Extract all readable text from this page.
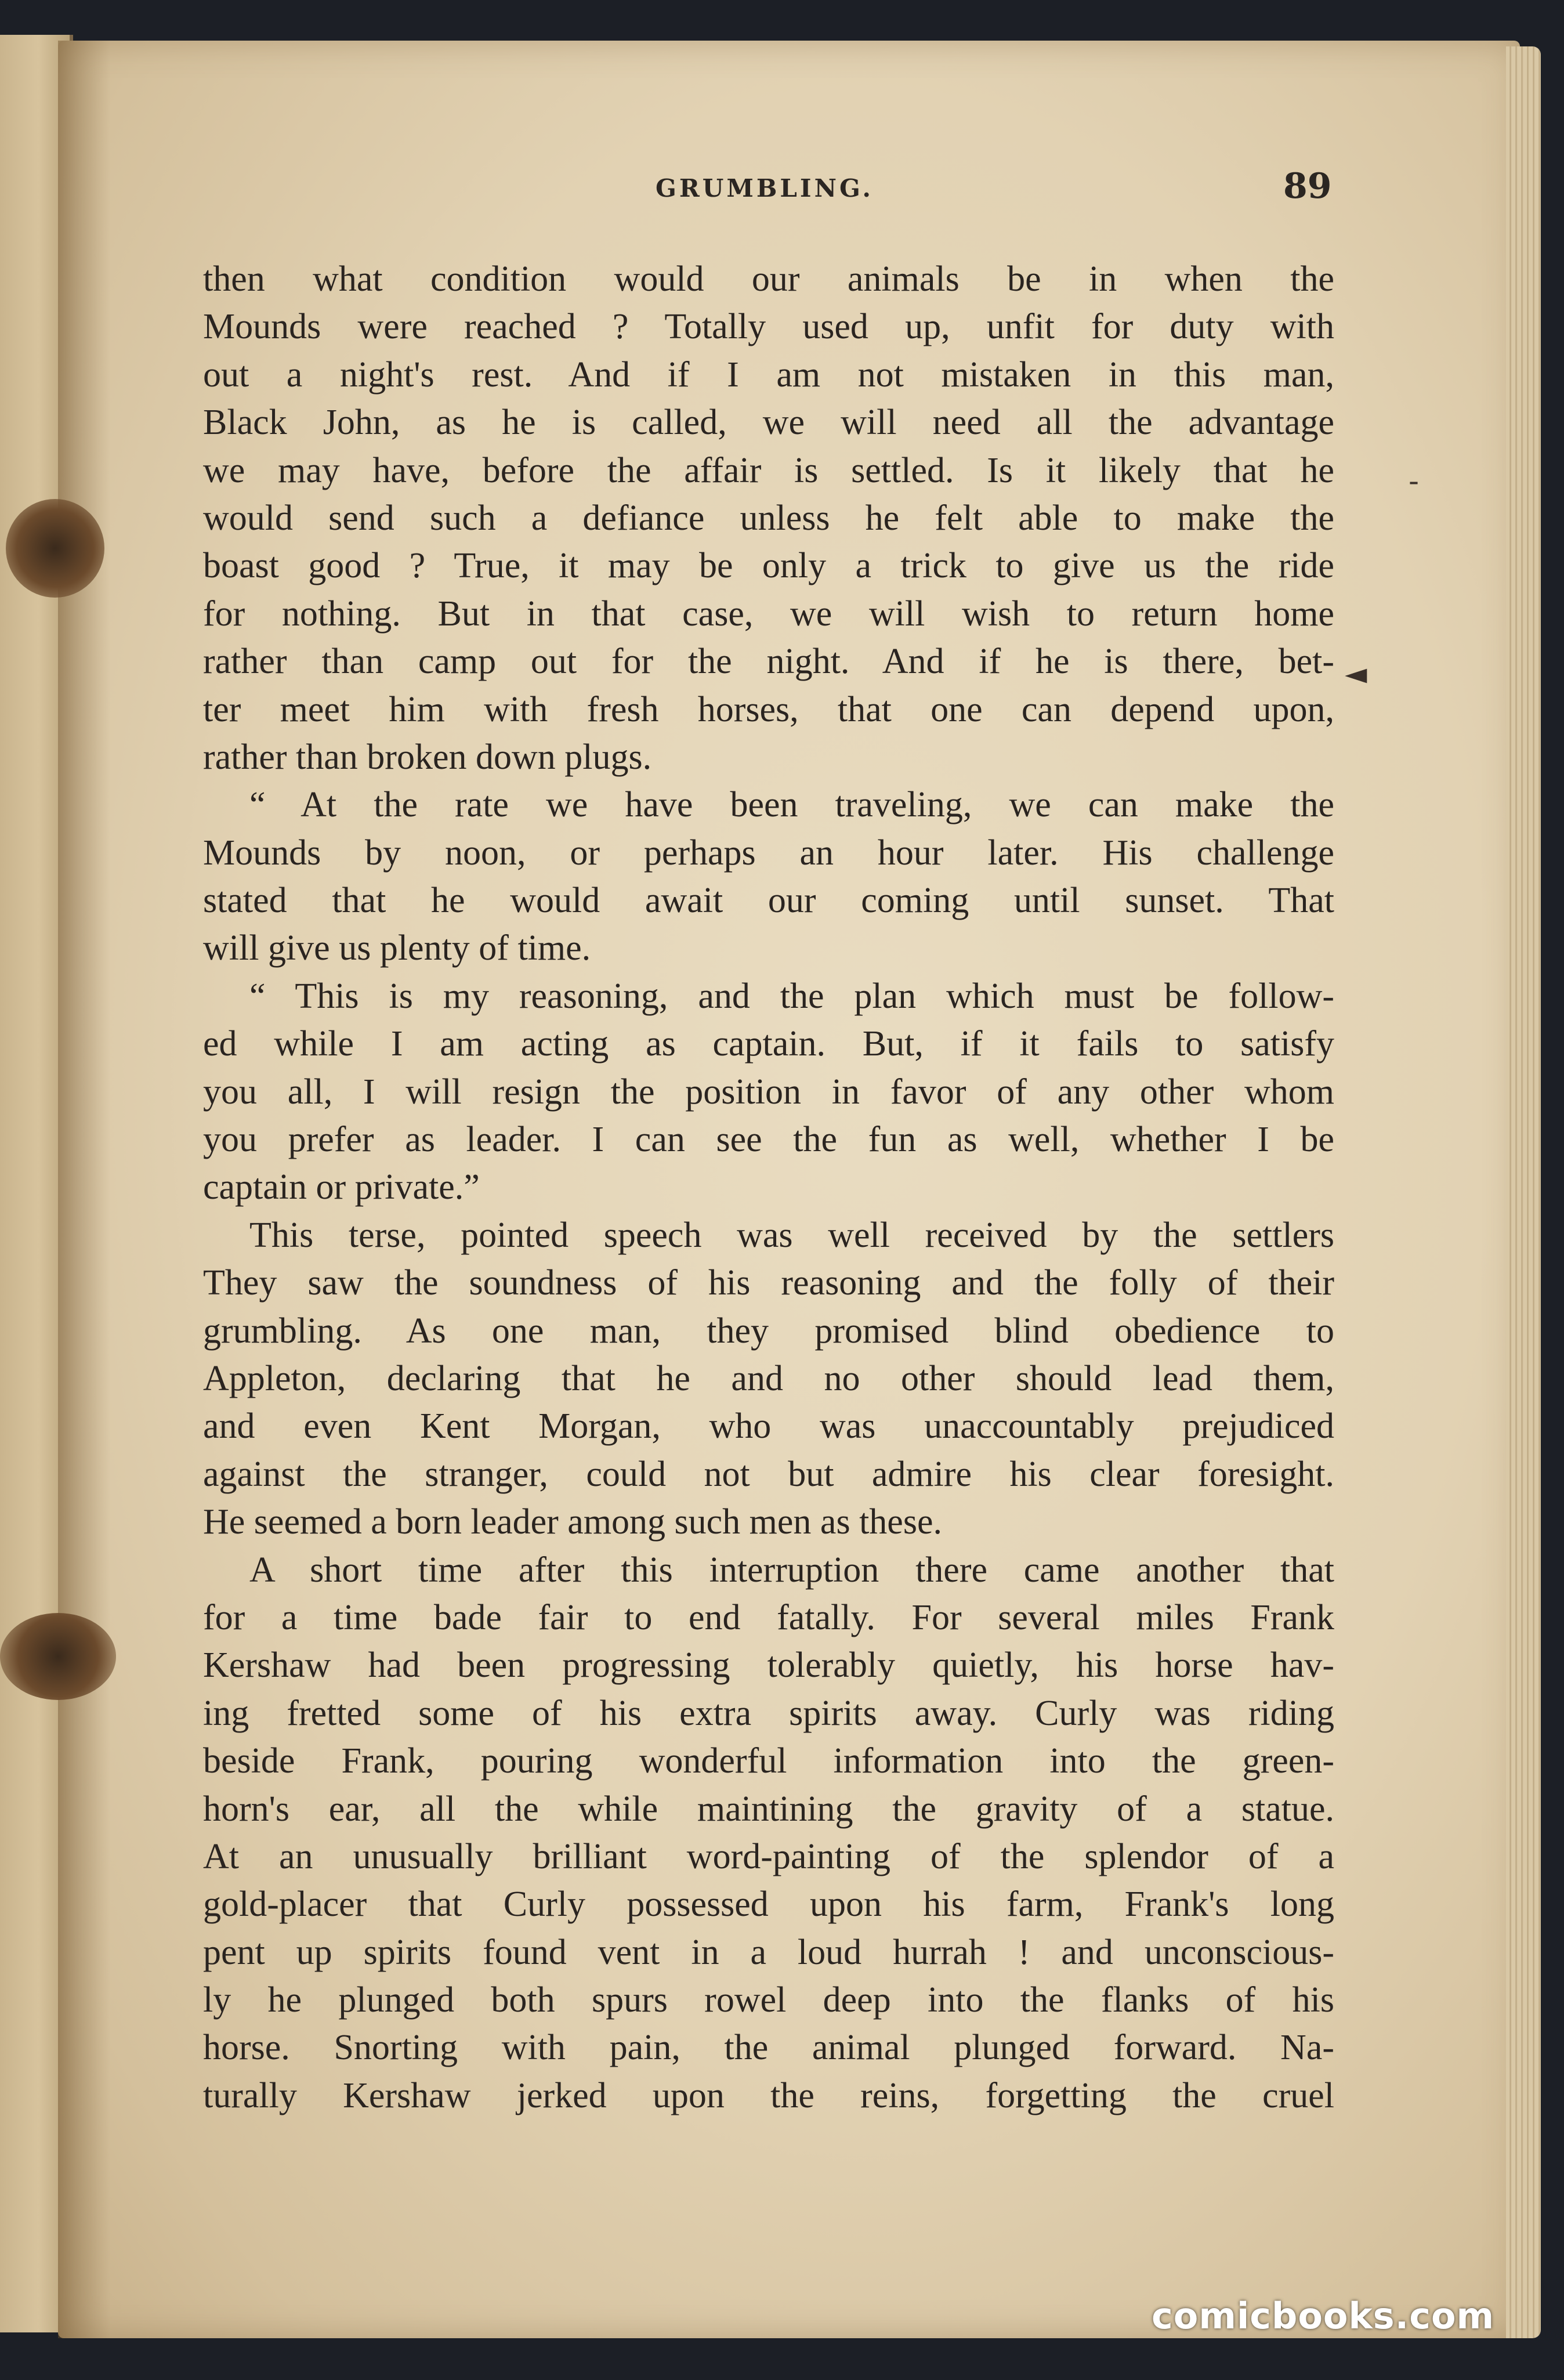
GRUMBLING.	89
then what condition would our animals be in when the
Mounds were reached ? Totally used up, unfit for duty with
out a night's rest. And if I am not mistaken in this man,
Black John, as he is called, we will need all the advantage
we may have, before the affair is settled. Is it likely that he
would send such a defiance unless he felt able to make the
boast good ? True, it may be only a trick to give us the ride
for nothing. But in that case, we will wish to return home
rather than camp out for the night. And if he is there, bet-
ter meet him with fresh horses, that one can depend upon,
rather than broken down plugs.
“ At the rate we have been traveling, we can make the
Mounds by noon, or perhaps an hour later. His challenge
stated that he would await our coming until sunset. That
will give us plenty of time.
“ This is my reasoning, and the plan which must be follow-
ed while I am acting as captain. But, if it fails to satisfy
you all, I will resign the position in favor of any other whom
you prefer as leader. I can see the fun as well, whether I be
captain or private.”
This terse, pointed speech was well received by the settlers
They saw the soundness of his reasoning and the folly of their
grumbling. As one man, they promised blind obedience to
Appleton, declaring that he and no other should lead them,
and even Kent Morgan, who was unaccountably prejudiced
against the stranger, could not but admire his clear foresight.
He seemed a born leader among such men as these.
A short time after this interruption there came another that
for a time bade fair to end fatally. For several miles Frank
Kershaw had been progressing tolerably quietly, his horse hav-
ing fretted some of his extra spirits away. Curly was riding
beside Frank, pouring wonderful information into the green-
horn's ear, all the while maintining the gravity of a statue.
At an unusually brilliant word-painting of the splendor of a
gold-placer that Curly possessed upon his farm, Frank's long
pent up spirits found vent in a loud hurrah ! and unconscious-
ly he plunged both spurs rowel deep into the flanks of his
horse. Snorting with pain, the animal plunged forward. Na-
turally Kershaw jerked upon the reins, forgetting the cruel
-
◄
comicbooks.com
